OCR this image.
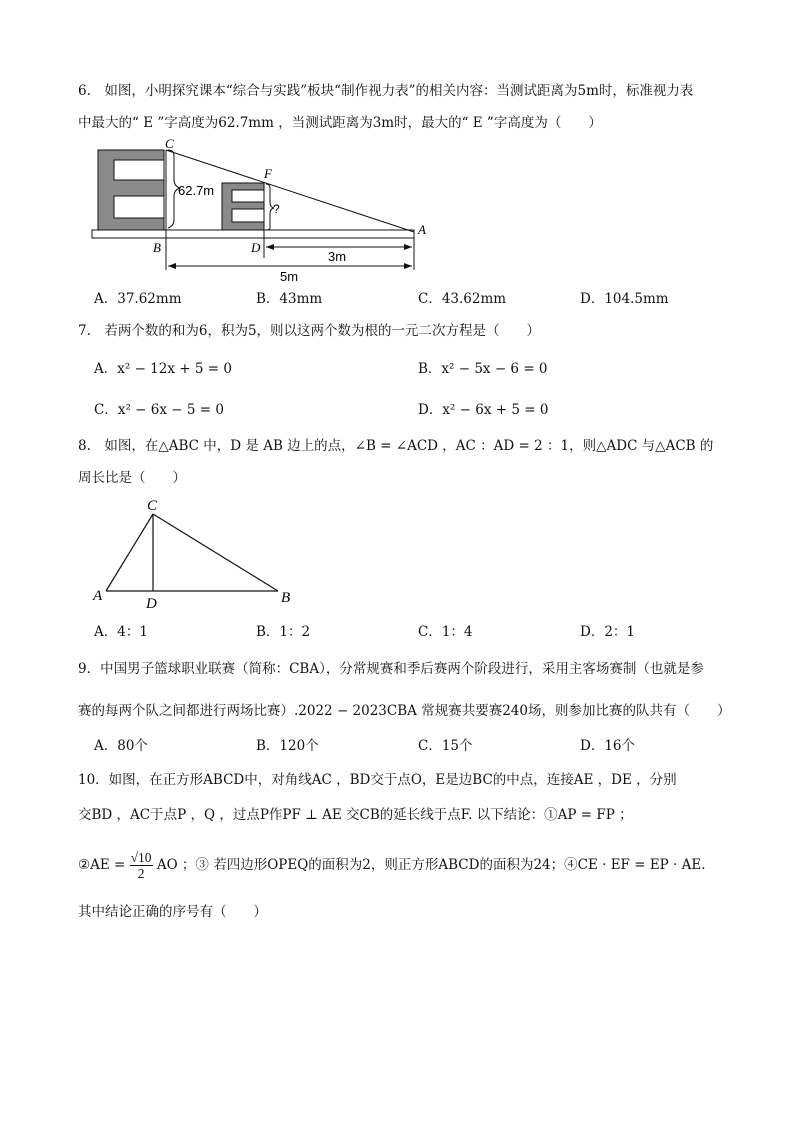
6.　如图，小明探究课本“综合与实践”板块“制作视力表”的相关内容：当测试距离为5m时，标准视力表
中最大的“ E ”字高度为62.7mm ，当测试距离为3m时，最大的“ E ”字高度为（　　）
C
F
A
B	D
62.7m
?
3m
5m
A．37.62mm	B．43mm	C．43.62mm	D．104.5mm
7.　若两个数的和为6，积为5，则以这两个数为根的一元二次方程是（　　）
A．x² − 12x + 5 = 0	B．x² − 5x − 6 = 0
C．x² − 6x − 5 = 0	D．x² − 6x + 5 = 0
8.　如图，在△ABC 中，D 是 AB 边上的点，∠B = ∠ACD ，AC ：AD = 2 ：1，则△ADC 与△ACB 的
周长比是（　　）
C
A	D	B
A．4：1	B．1：2	C．1：4	D．2：1
9．中国男子篮球职业联赛（简称：CBA），分常规赛和季后赛两个阶段进行，采用主客场赛制（也就是参
赛的每两个队之间都进行两场比赛）.2022 − 2023CBA 常规赛共要赛240场，则参加比赛的队共有（　　）
A．80个	B．120个	C．15个	D．16个
10．如图，在正方形ABCD中，对角线AC ，BD交于点O，E是边BC的中点，连接AE ，DE ，分别
交BD ，AC于点P ，Q ，过点P作PF ⊥ AE 交CB的延长线于点F. 以下结论：①AP = FP ；
②AE = $\frac{√10}{2}$ AO ；③ 若四边形OPEQ的面积为2，则正方形ABCD的面积为24；④CE · EF = EP · AE.
其中结论正确的序号有（　　）
